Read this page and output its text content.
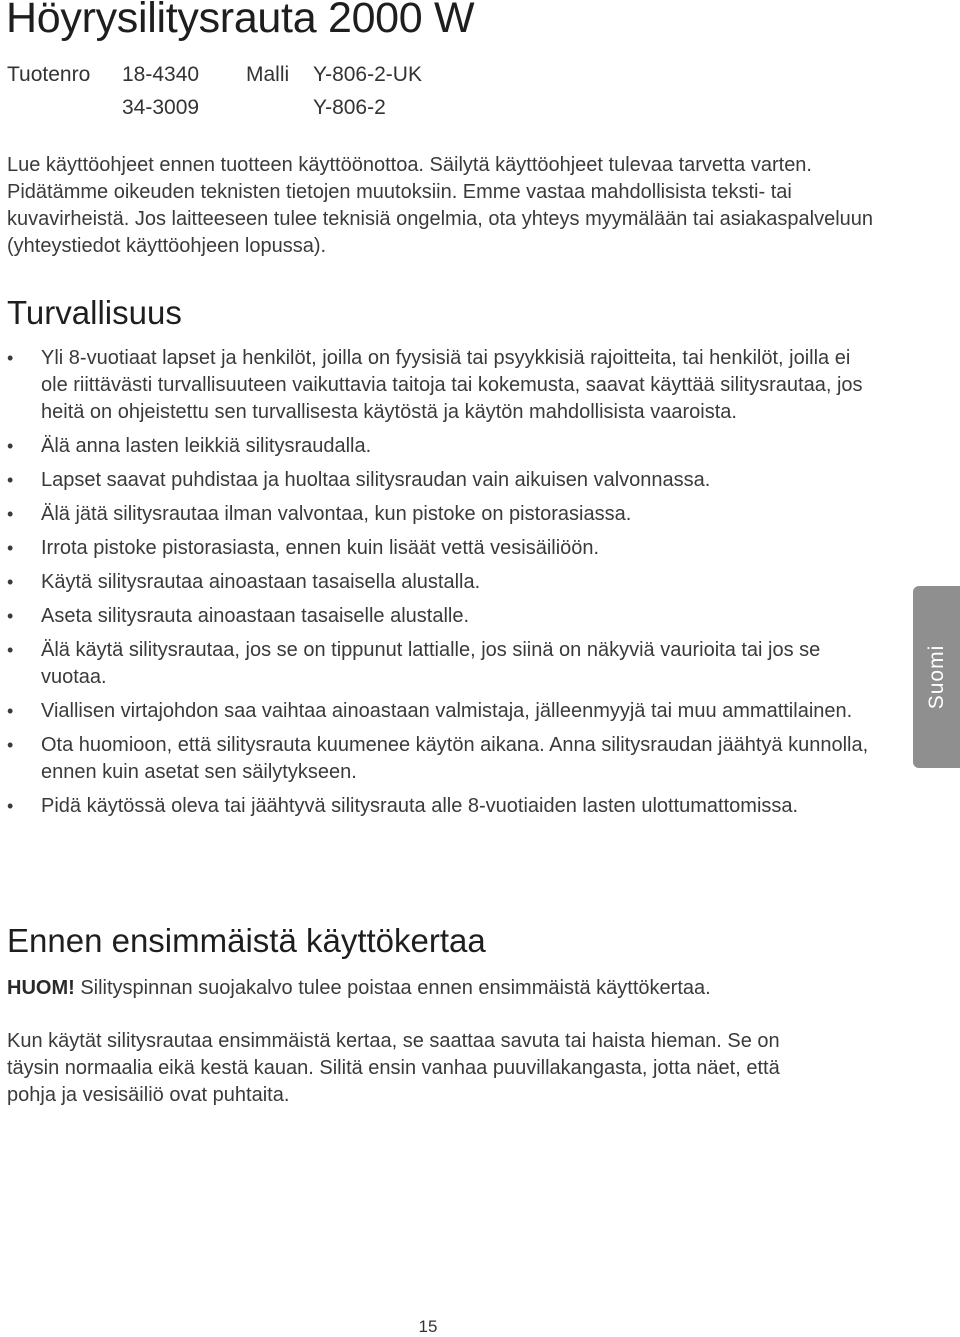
Höyrysilitysrauta 2000 W
Tuotenro 18-4340 Malli Y-806-2-UK
34-3009	Y-806-2

Lue käyttöohjeet ennen tuotteen käyttöönottoa. Säilytä käyttöohjeet tulevaa tarvetta varten. Pidätämme oikeuden teknisten tietojen muutoksiin. Emme vastaa mahdollisista teksti- tai kuvavirheistä. Jos laitteeseen tulee teknisiä ongelmia, ota yhteys myymälään tai asiakaspalveluun (yhteystiedot käyttöohjeen lopussa).

Turvallisuus
• Yli 8-vuotiaat lapset ja henkilöt, joilla on fyysisiä tai psyykkisiä rajoitteita, tai henkilöt, joilla ei ole riittävästi turvallisuuteen vaikuttavia taitoja tai kokemusta, saavat käyttää silitysrautaa, jos heitä on ohjeistettu sen turvallisesta käytöstä ja käytön mahdollisista vaaroista.
• Älä anna lasten leikkiä silitysraudalla.
• Lapset saavat puhdistaa ja huoltaa silitysraudan vain aikuisen valvonnassa.
• Älä jätä silitysrautaa ilman valvontaa, kun pistoke on pistorasiassa.
• Irrota pistoke pistorasiasta, ennen kuin lisäät vettä vesisäiliöön.
• Käytä silitysrautaa ainoastaan tasaisella alustalla.
• Aseta silitysrauta ainoastaan tasaiselle alustalle.
• Älä käytä silitysrautaa, jos se on tippunut lattialle, jos siinä on näkyviä vaurioita tai jos se vuotaa.
• Viallisen virtajohdon saa vaihtaa ainoastaan valmistaja, jälleenmyyjä tai muu ammattilainen.
• Ota huomioon, että silitysrauta kuumenee käytön aikana. Anna silitysraudan jäähtyä kunnolla, ennen kuin asetat sen säilytykseen.
• Pidä käytössä oleva tai jäähtyvä silitysrauta alle 8-vuotiaiden lasten ulottumattomissa.
Ennen ensimmäistä käyttökertaa

HUOM! Silityspinnan suojakalvo tulee poistaa ennen ensimmäistä käyttökertaa.

Kun käytät silitysrautaa ensimmäistä kertaa, se saattaa savuta tai haista hieman. Se on täysin normaalia eikä kestä kauan. Silitä ensin vanhaa puuvillakangasta, jotta näet, että pohja ja vesisäiliö ovat puhtaita.

Suomi
15
